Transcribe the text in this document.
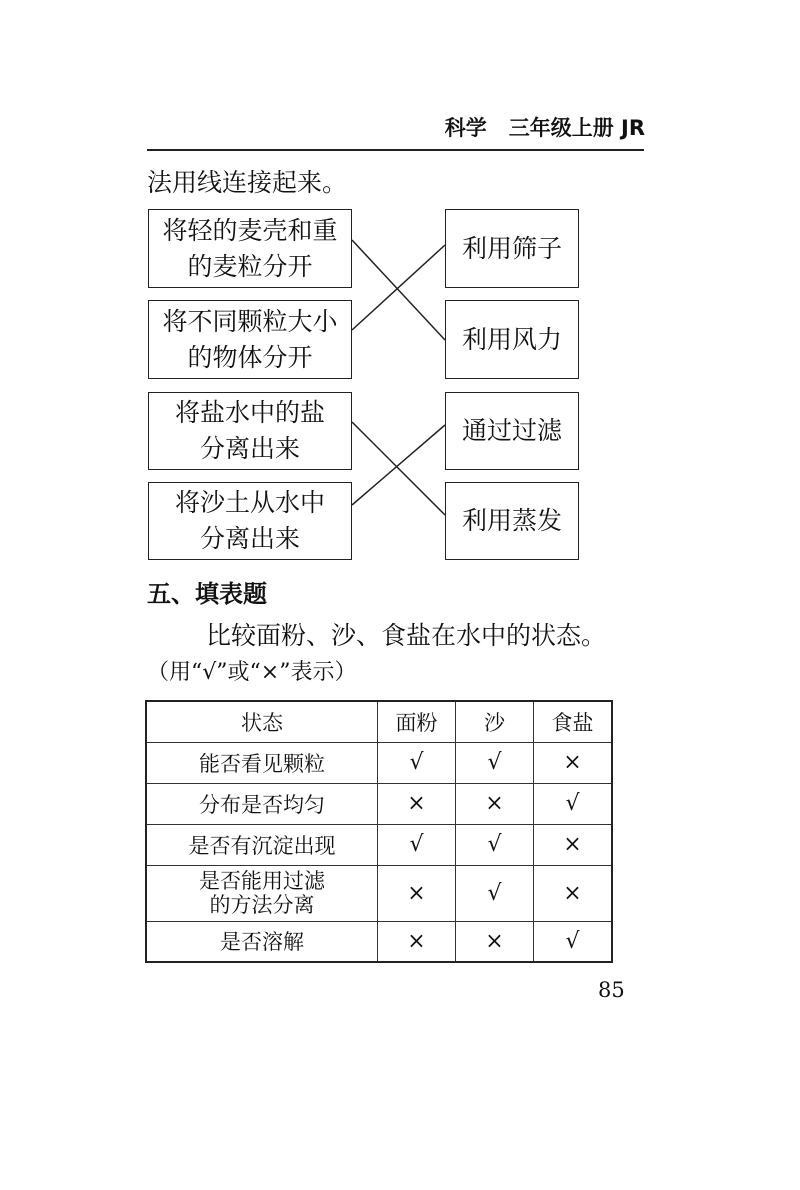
科学 三年级上册 JR
法用线连接起来。
将轻的麦壳和重的麦粒分开
将不同颗粒大小的物体分开
将盐水中的盐分离出来
将沙土从水中分离出来
利用筛子
利用风力
通过过滤
利用蒸发
五、填表题
比较面粉、沙、食盐在水中的状态。
（用“√”或“×”表示）
状态	面粉	沙	食盐
能否看见颗粒	√	√	×
分布是否均匀	×	×	√
是否有沉淀出现	√	√	×
是否能用过滤
的方法分离	×	√	×
是否溶解	×	×	√
85
